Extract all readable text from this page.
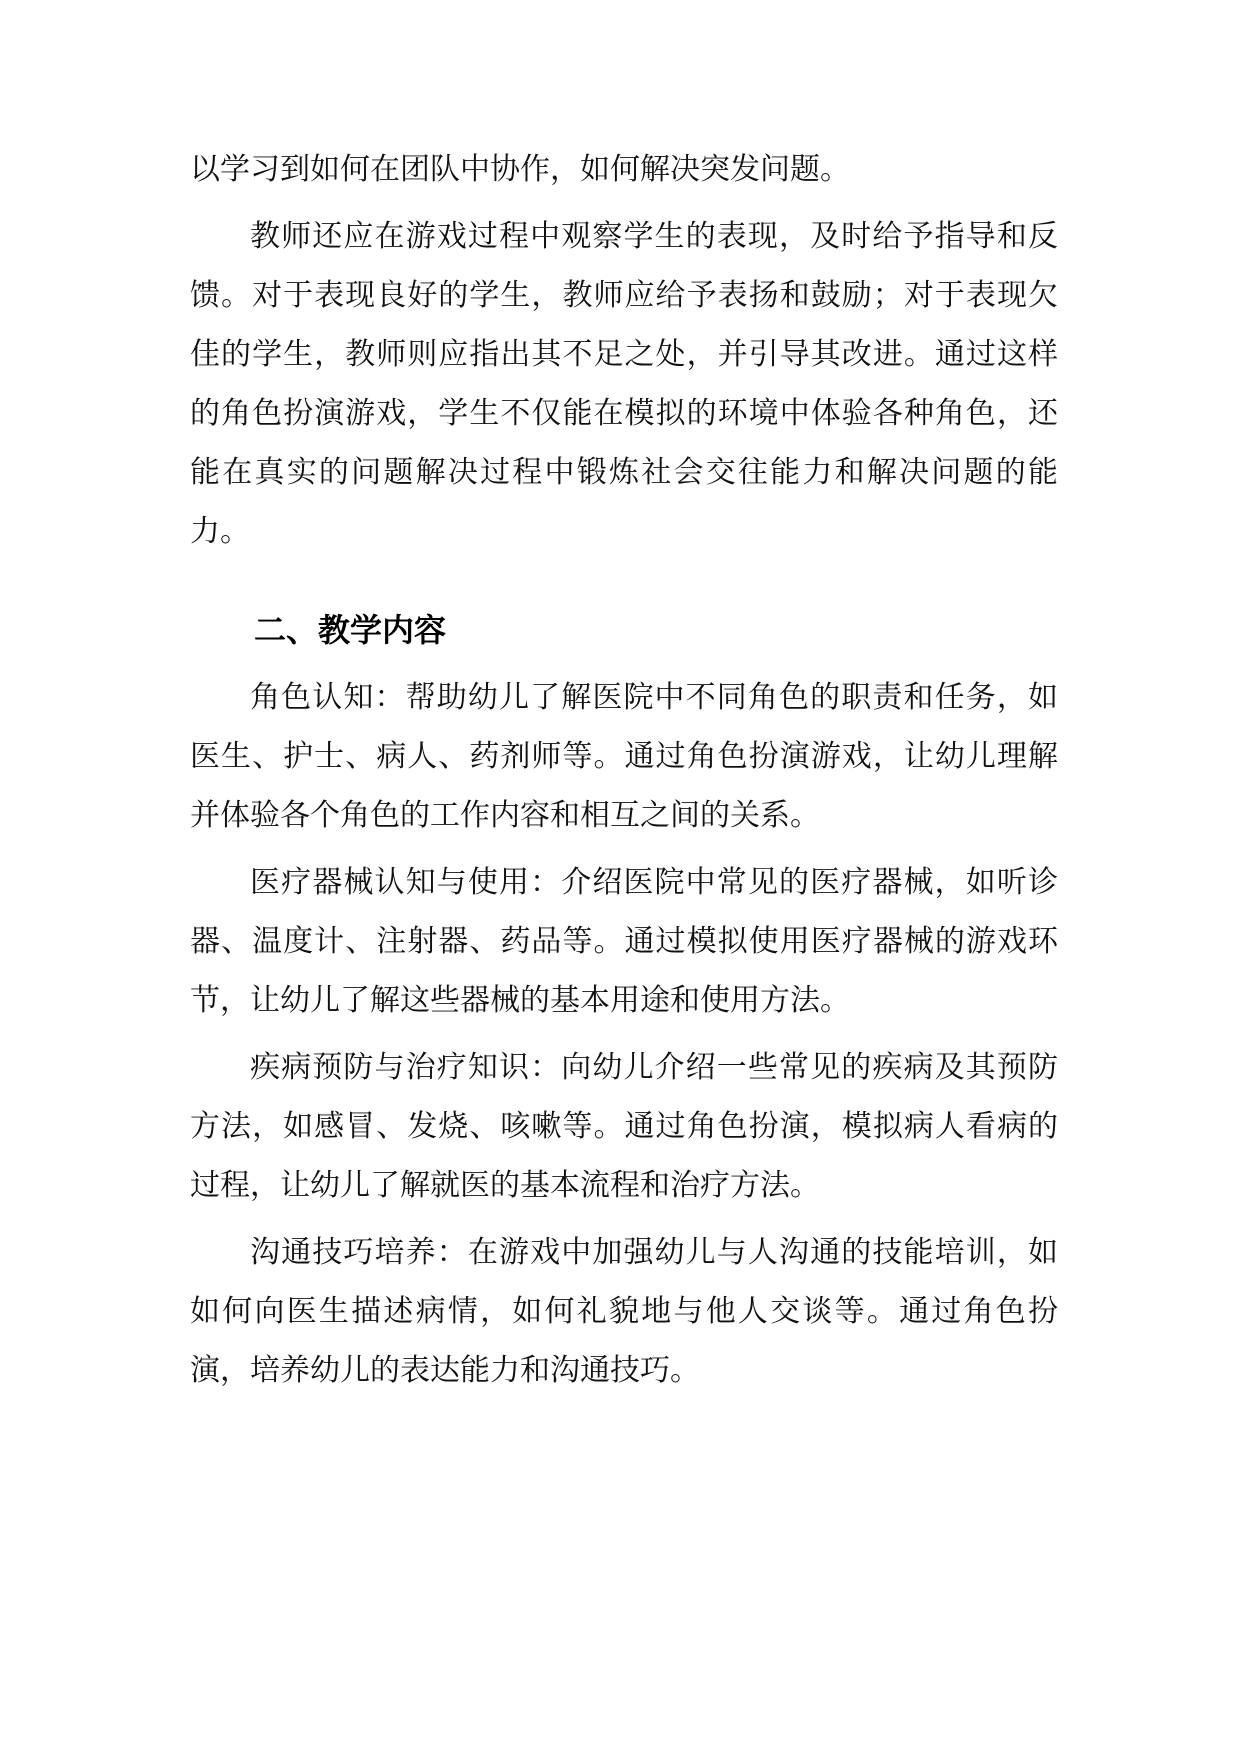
以学习到如何在团队中协作，如何解决突发问题。

教师还应在游戏过程中观察学生的表现，及时给予指导和反馈。对于表现良好的学生，教师应给予表扬和鼓励；对于表现欠佳的学生，教师则应指出其不足之处，并引导其改进。通过这样的角色扮演游戏，学生不仅能在模拟的环境中体验各种角色，还能在真实的问题解决过程中锻炼社会交往能力和解决问题的能力。

二、教学内容

角色认知：帮助幼儿了解医院中不同角色的职责和任务，如医生、护士、病人、药剂师等。通过角色扮演游戏，让幼儿理解并体验各个角色的工作内容和相互之间的关系。

医疗器械认知与使用：介绍医院中常见的医疗器械，如听诊器、温度计、注射器、药品等。通过模拟使用医疗器械的游戏环节，让幼儿了解这些器械的基本用途和使用方法。

疾病预防与治疗知识：向幼儿介绍一些常见的疾病及其预防方法，如感冒、发烧、咳嗽等。通过角色扮演，模拟病人看病的过程，让幼儿了解就医的基本流程和治疗方法。

沟通技巧培养：在游戏中加强幼儿与人沟通的技能培训，如如何向医生描述病情，如何礼貌地与他人交谈等。通过角色扮演，培养幼儿的表达能力和沟通技巧。
